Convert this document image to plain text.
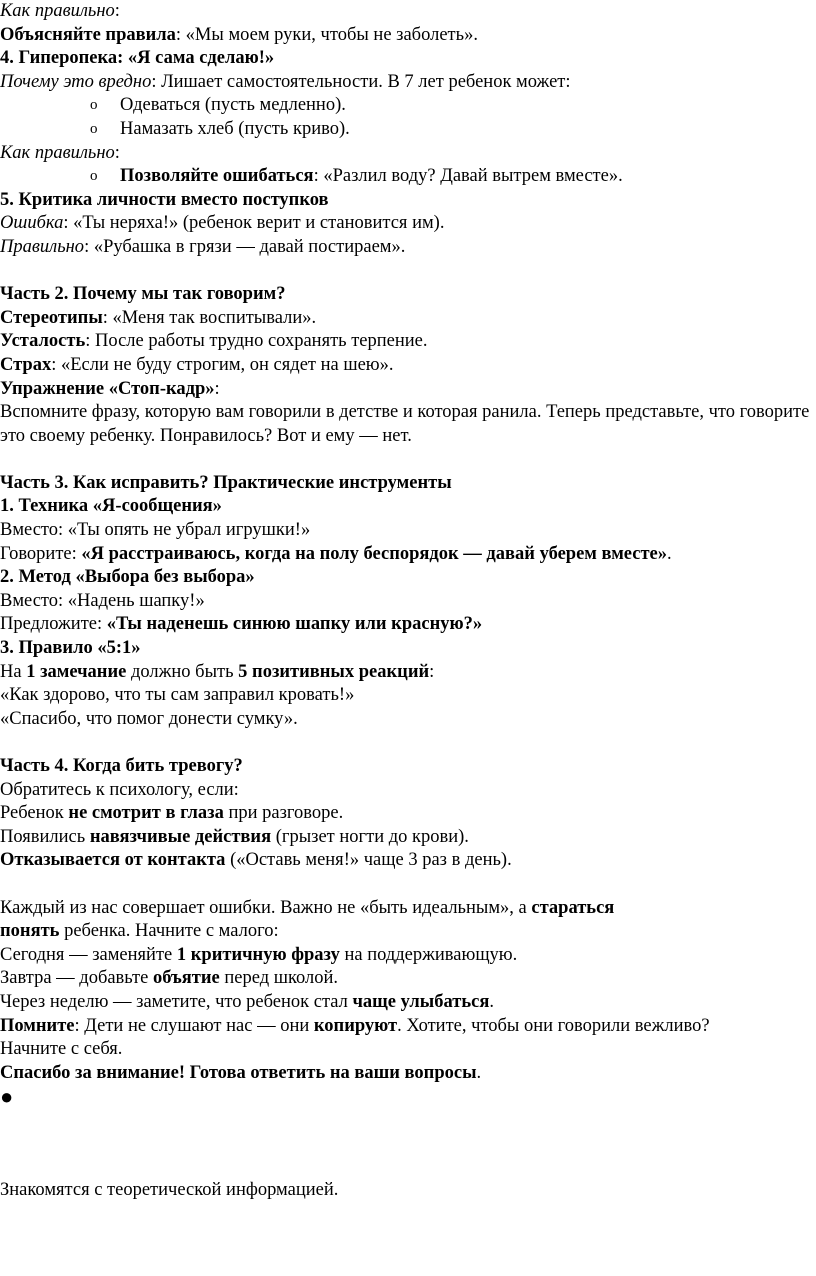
Как правильно:
Объясняйте правила: «Мы моем руки, чтобы не заболеть».
4. Гиперопека: «Я сама сделаю!»
Почему это вредно: Лишает самостоятельности. В 7 лет ребенок может:
o Одеваться (пусть медленно).
o Намазать хлеб (пусть криво).
Как правильно:
o Позволяйте ошибаться: «Разлил воду? Давай вытрем вместе».
5. Критика личности вместо поступков
Ошибка: «Ты неряха!» (ребенок верит и становится им).
Правильно: «Рубашка в грязи — давай постираем».
Часть 2. Почему мы так говорим?
Стереотипы: «Меня так воспитывали».
Усталость: После работы трудно сохранять терпение.
Страх: «Если не буду строгим, он сядет на шею».
Упражнение «Стоп-кадр»:
Вспомните фразу, которую вам говорили в детстве и которая ранила. Теперь представьте, что говорите это своему ребенку. Понравилось? Вот и ему — нет.
Часть 3. Как исправить? Практические инструменты
1. Техника «Я-сообщения»
Вместо: «Ты опять не убрал игрушки!»
Говорите: «Я расстраиваюсь, когда на полу беспорядок — давай уберем вместе».
2. Метод «Выбора без выбора»
Вместо: «Надень шапку!»
Предложите: «Ты наденешь синюю шапку или красную?»
3. Правило «5:1»
На 1 замечание должно быть 5 позитивных реакций:
«Как здорово, что ты сам заправил кровать!»
«Спасибо, что помог донести сумку».
Часть 4. Когда бить тревогу?
Обратитесь к психологу, если:
Ребенок не смотрит в глаза при разговоре.
Появились навязчивые действия (грызет ногти до крови).
Отказывается от контакта («Оставь меня!» чаще 3 раз в день).
Каждый из нас совершает ошибки. Важно не «быть идеальным», а стараться
понять ребенка. Начните с малого:
Сегодня — заменяйте 1 критичную фразу на поддерживающую.
Завтра — добавьте объятие перед школой.
Через неделю — заметите, что ребенок стал чаще улыбаться.
Помните: Дети не слушают нас — они копируют. Хотите, чтобы они говорили вежливо?
Начните с себя.
Спасибо за внимание! Готова ответить на ваши вопросы.
●
Знакомятся с теоретической информацией.
